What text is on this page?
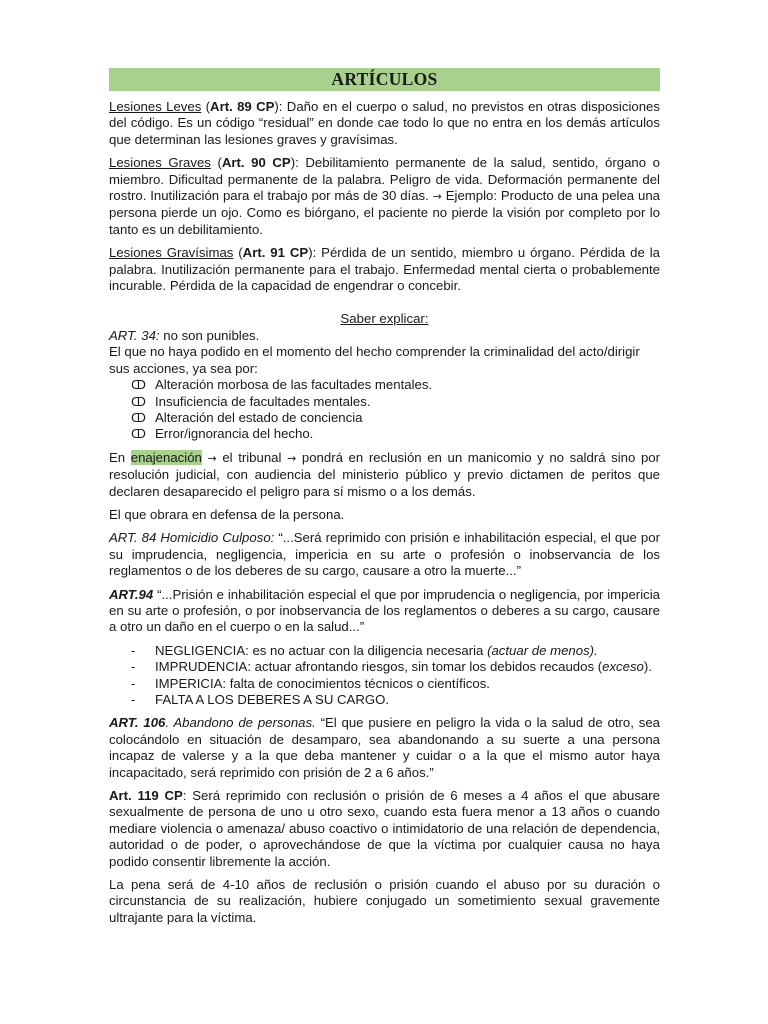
ARTÍCULOS

Lesiones Leves (Art. 89 CP): Daño en el cuerpo o salud, no previstos en otras disposiciones del código. Es un código “residual” en donde cae todo lo que no entra en los demás artículos que determinan las lesiones graves y gravísimas.

Lesiones Graves (Art. 90 CP): Debilitamiento permanente de la salud, sentido, órgano o miembro. Dificultad permanente de la palabra. Peligro de vida. Deformación permanente del rostro. Inutilización para el trabajo por más de 30 días. → Ejemplo: Producto de una pelea una persona pierde un ojo. Como es biórgano, el paciente no pierde la visión por completo por lo tanto es un debilitamiento.

Lesiones Gravísimas (Art. 91 CP): Pérdida de un sentido, miembro u órgano. Pérdida de la palabra. Inutilización permanente para el trabajo. Enfermedad mental cierta o probablemente incurable. Pérdida de la capacidad de engendrar o concebir.

Saber explicar:

ART. 34: no son punibles.

El que no haya podido en el momento del hecho comprender la criminalidad del acto/dirigir sus acciones, ya sea por:

ↀ Alteración morbosa de las facultades mentales.
ↀ Insuficiencia de facultades mentales.
ↀ Alteración del estado de conciencia
ↀ Error/ignorancia del hecho.

En enajenación → el tribunal → pondrá en reclusión en un manicomio y no saldrá sino por resolución judicial, con audiencia del ministerio público y previo dictamen de peritos que declaren desaparecido el peligro para sí mismo o a los demás.

El que obrara en defensa de la persona.

ART. 84 Homicidio Culposo: “...Será reprimido con prisión e inhabilitación especial, el que por su imprudencia, negligencia, impericia en su arte o profesión o inobservancia de los reglamentos o de los deberes de su cargo, causare a otro la muerte...”

ART.94 “...Prisión e inhabilitación especial el que por imprudencia o negligencia, por impericia en su arte o profesión, o por inobservancia de los reglamentos o deberes a su cargo, causare a otro un daño en el cuerpo o en la salud...”

- NEGLIGENCIA: es no actuar con la diligencia necesaria (actuar de menos).
- IMPRUDENCIA: actuar afrontando riesgos, sin tomar los debidos recaudos (exceso).
- IMPERICIA: falta de conocimientos técnicos o científicos.
- FALTA A LOS DEBERES A SU CARGO.

ART. 106. Abandono de personas. “El que pusiere en peligro la vida o la salud de otro, sea colocándolo en situación de desamparo, sea abandonando a su suerte a una persona incapaz de valerse y a la que deba mantener y cuidar o a la que el mismo autor haya incapacitado, será reprimido con prisión de 2 a 6 años.”

Art. 119 CP: Será reprimido con reclusión o prisión de 6 meses a 4 años el que abusare sexualmente de persona de uno u otro sexo, cuando esta fuera menor a 13 años o cuando mediare violencia o amenaza/ abuso coactivo o intimidatorio de una relación de dependencia, autoridad o de poder, o aprovechándose de que la víctima por cualquier causa no haya podido consentir libremente la acción.

La pena será de 4-10 años de reclusión o prisión cuando el abuso por su duración o circunstancia de su realización, hubiere conjugado un sometimiento sexual gravemente ultrajante para la víctima.
